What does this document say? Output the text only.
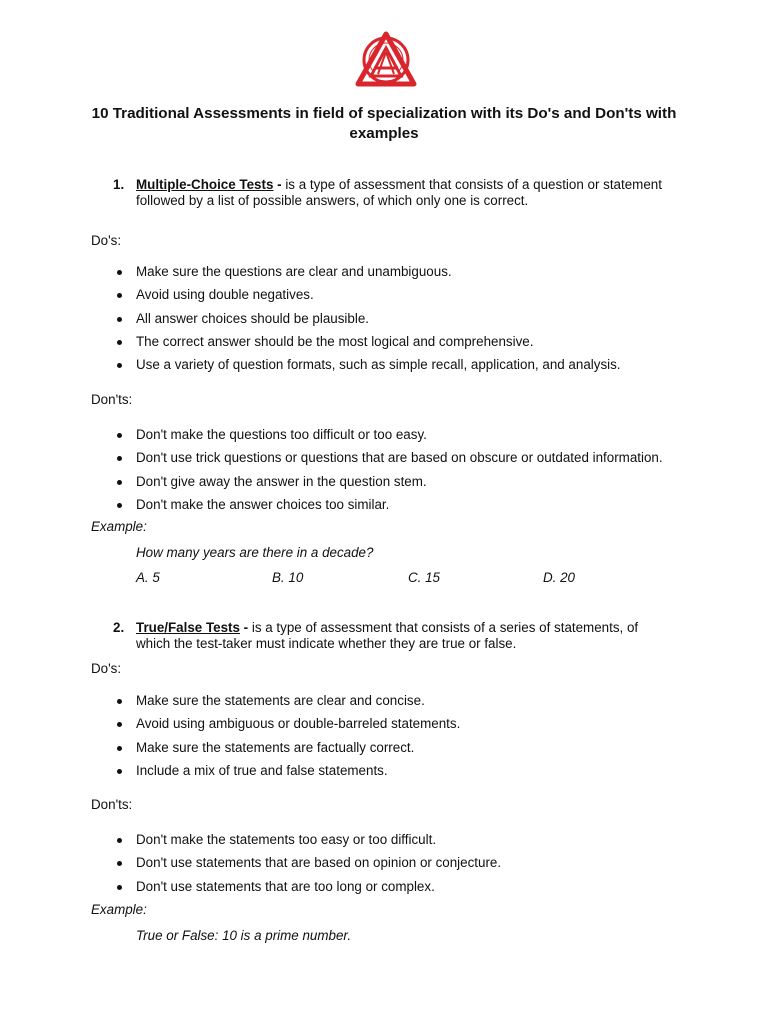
10 Traditional Assessments in field of specialization with its Do's and Don'ts with examples
1. Multiple-Choice Tests - is a type of assessment that consists of a question or statement followed by a list of possible answers, of which only one is correct.
Do's:
Make sure the questions are clear and unambiguous.
Avoid using double negatives.
All answer choices should be plausible.
The correct answer should be the most logical and comprehensive.
Use a variety of question formats, such as simple recall, application, and analysis.
Don'ts:
Don't make the questions too difficult or too easy.
Don't use trick questions or questions that are based on obscure or outdated information.
Don't give away the answer in the question stem.
Don't make the answer choices too similar.
Example:
How many years are there in a decade?
A. 5	B. 10	C. 15	D. 20
2. True/False Tests - is a type of assessment that consists of a series of statements, of which the test-taker must indicate whether they are true or false.
Do's:
Make sure the statements are clear and concise.
Avoid using ambiguous or double-barreled statements.
Make sure the statements are factually correct.
Include a mix of true and false statements.
Don'ts:
Don't make the statements too easy or too difficult.
Don't use statements that are based on opinion or conjecture.
Don't use statements that are too long or complex.
Example:
True or False: 10 is a prime number.
